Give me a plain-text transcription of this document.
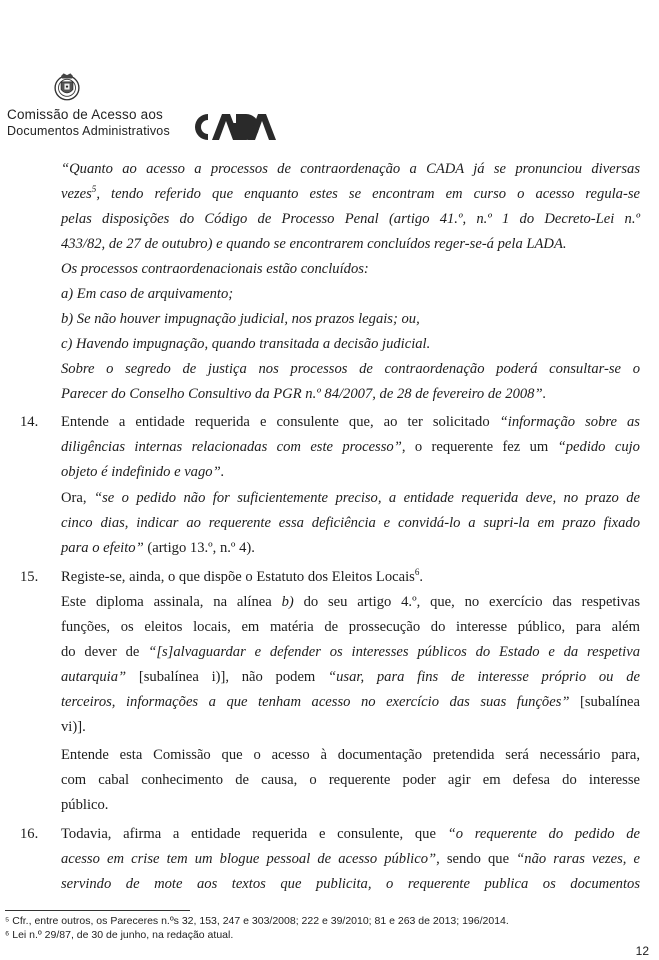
Comissão de Acesso aos
Documentos Administrativos
“Quanto ao acesso a processos de contraordenação a CADA já se pronunciou diversas
vezes$^5$, tendo referido que enquanto estes se encontram em curso o acesso regula-se
pelas disposições do Código de Processo Penal (artigo 41.º, n.º 1 do Decreto-Lei n.º
433/82, de 27 de outubro) e quando se encontrarem concluídos reger-se-á pela LADA.
Os processos contraordenacionais estão concluídos:
a) Em caso de arquivamento;
b) Se não houver impugnação judicial, nos prazos legais; ou,
c) Havendo impugnação, quando transitada a decisão judicial.
Sobre o segredo de justiça nos processos de contraordenação poderá consultar-se o
Parecer do Conselho Consultivo da PGR n.º 84/2007, de 28 de fevereiro de 2008”.
14. Entende a entidade requerida e consulente que, ao ter solicitado “informação sobre as
diligências internas relacionadas com este processo”, o requerente fez um “pedido cujo
objeto é indefinido e vago”.
Ora, “se o pedido não for suficientemente preciso, a entidade requerida deve, no prazo de
cinco dias, indicar ao requerente essa deficiência e convidá-lo a supri-la em prazo fixado
para o efeito” (artigo 13.º, n.º 4).
15. Registe-se, ainda, o que dispõe o Estatuto dos Eleitos Locais$^6$.
Este diploma assinala, na alínea b) do seu artigo 4.º, que, no exercício das respetivas
funções, os eleitos locais, em matéria de prossecução do interesse público, para além
do dever de “[s]alvaguardar e defender os interesses públicos do Estado e da respetiva
autarquia” [subalínea i)], não podem “usar, para fins de interesse próprio ou de
terceiros, informações a que tenham acesso no exercício das suas funções” [subalínea
vi)].
Entende esta Comissão que o acesso à documentação pretendida será necessário para,
com cabal conhecimento de causa, o requerente poder agir em defesa do interesse
público.
16. Todavia, afirma a entidade requerida e consulente, que “o requerente do pedido de
acesso em crise tem um blogue pessoal de acesso público”, sendo que “não raras vezes, e
servindo de mote aos textos que publicita, o requerente publica os documentos
⁵ Cfr., entre outros, os Pareceres n.ºs 32, 153, 247 e 303/2008; 222 e 39/2010; 81 e 263 de 2013; 196/2014.
⁶ Lei n.º 29/87, de 30 de junho, na redação atual.
12
